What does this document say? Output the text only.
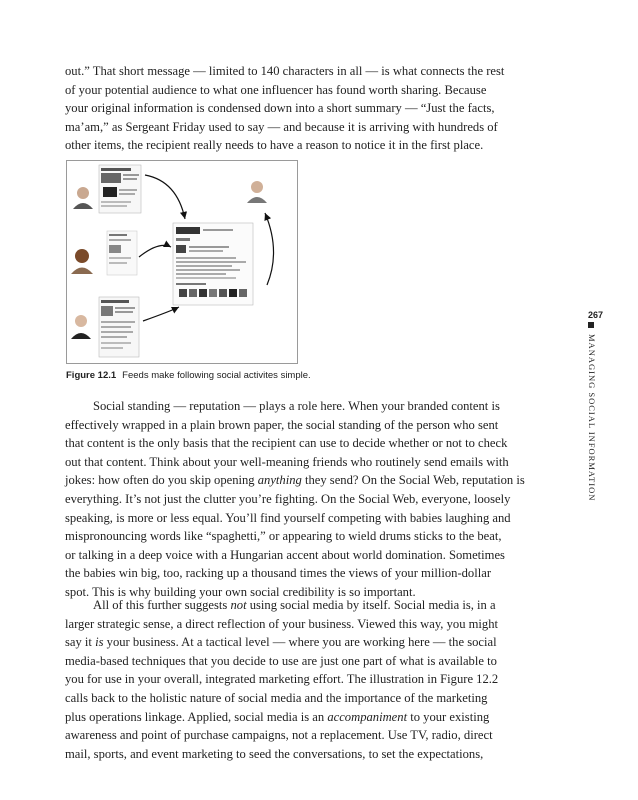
out.” That short message — limited to 140 characters in all — is what connects the rest
of your potential audience to what one influencer has found worth sharing. Because
your original information is condensed down into a short summary — “Just the facts,
ma’am,” as Sergeant Friday used to say — and because it is arriving with hundreds of
other items, the recipient really needs to have a reason to notice it in the first place.
Figure 12.1 Feeds make following social activites simple.
267
MANAGING SOCIAL INFORMATION
Social standing — reputation — plays a role here. When your branded content is
effectively wrapped in a plain brown paper, the social standing of the person who sent
that content is the only basis that the recipient can use to decide whether or not to check
out that content. Think about your well-meaning friends who routinely send emails with
jokes: how often do you skip opening anything they send? On the Social Web, reputation is
everything. It’s not just the clutter you’re fighting. On the Social Web, everyone, loosely
speaking, is more or less equal. You’ll find yourself competing with babies laughing and
mispronouncing words like “spaghetti,” or appearing to wield drums sticks to the beat,
or talking in a deep voice with a Hungarian accent about world domination. Sometimes
the babies win big, too, racking up a thousand times the views of your million-dollar
spot. This is why building your own social credibility is so important.
All of this further suggests not using social media by itself. Social media is, in a
larger strategic sense, a direct reflection of your business. Viewed this way, you might
say it is your business. At a tactical level — where you are working here — the social
media-based techniques that you decide to use are just one part of what is available to
you for use in your overall, integrated marketing effort. The illustration in Figure 12.2
calls back to the holistic nature of social media and the importance of the marketing
plus operations linkage. Applied, social media is an accompaniment to your existing
awareness and point of purchase campaigns, not a replacement. Use TV, radio, direct
mail, sports, and event marketing to seed the conversations, to set the expectations,
